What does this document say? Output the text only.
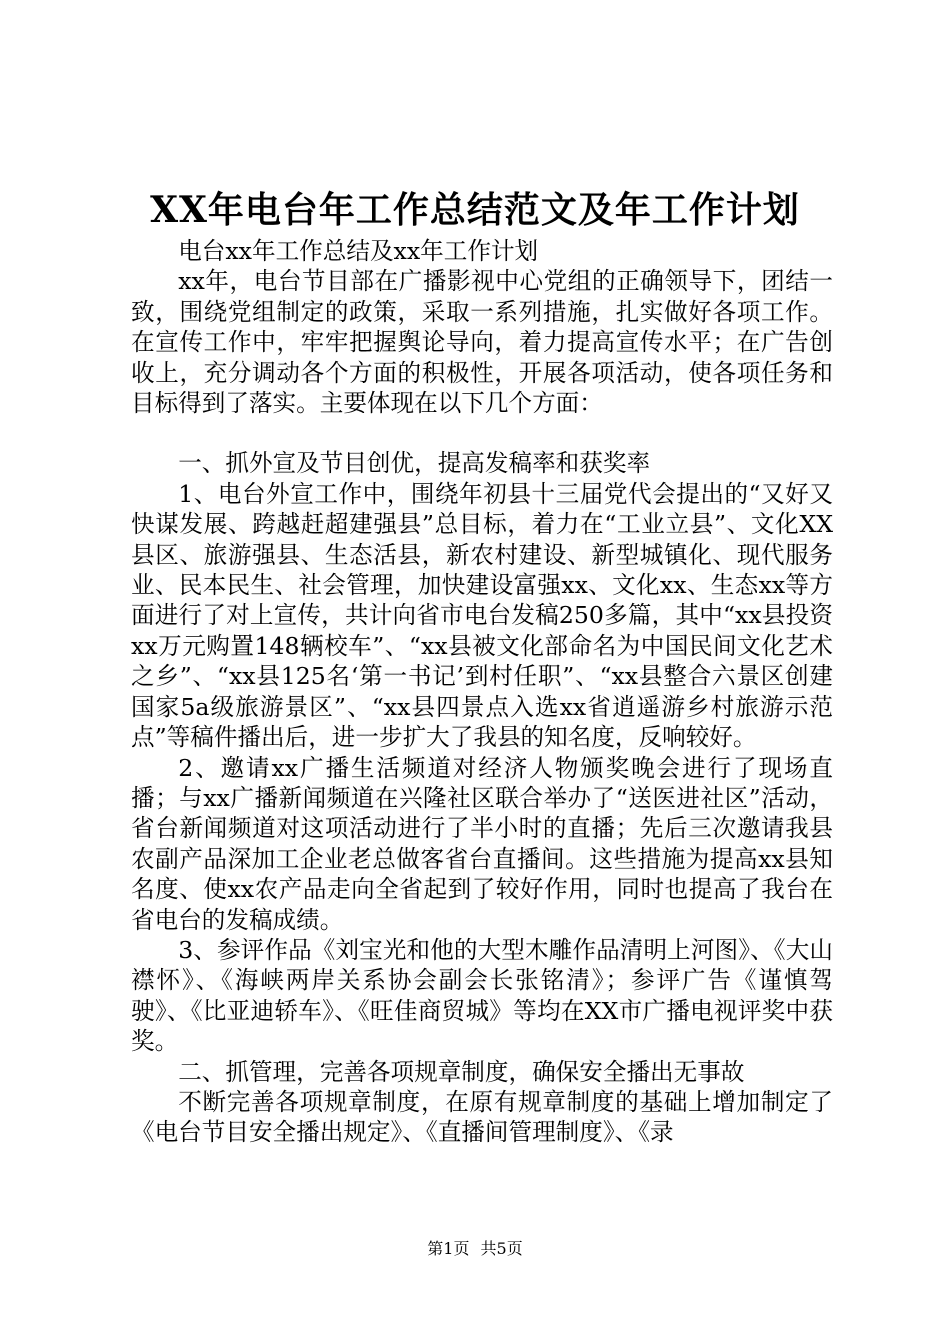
XX年电台年工作总结范文及年工作计划

电台xx年工作总结及xx年工作计划

xx年，电台节目部在广播影视中心党组的正确领导下，团结一致，围绕党组制定的政策，采取一系列措施，扎实做好各项工作。在宣传工作中，牢牢把握舆论导向，着力提高宣传水平；在广告创收上，充分调动各个方面的积极性，开展各项活动，使各项任务和目标得到了落实。主要体现在以下几个方面：

一、抓外宣及节目创优，提高发稿率和获奖率

1、电台外宣工作中，围绕年初县十三届党代会提出的“又好又快谋发展、跨越赶超建强县”总目标，着力在“工业立县”、文化XX县区、旅游强县、生态活县，新农村建设、新型城镇化、现代服务业、民本民生、社会管理，加快建设富强xx、文化xx、生态xx等方面进行了对上宣传，共计向省市电台发稿250多篇，其中“xx县投资xx万元购置148辆校车”、“xx县被文化部命名为中国民间文化艺术之乡”、“xx县125名‘第一书记’到村任职”、“xx县整合六景区创建国家5a级旅游景区”、“xx县四景点入选xx省逍遥游乡村旅游示范点”等稿件播出后，进一步扩大了我县的知名度，反响较好。

2、邀请xx广播生活频道对经济人物颁奖晚会进行了现场直播；与xx广播新闻频道在兴隆社区联合举办了“送医进社区”活动，省台新闻频道对这项活动进行了半小时的直播；先后三次邀请我县农副产品深加工企业老总做客省台直播间。这些措施为提高xx县知名度、使xx农产品走向全省起到了较好作用，同时也提高了我台在省电台的发稿成绩。

3、参评作品《刘宝光和他的大型木雕作品清明上河图》、《大山襟怀》、《海峡两岸关系协会副会长张铭清》；参评广告《谨慎驾驶》、《比亚迪轿车》、《旺佳商贸城》等均在XX市广播电视评奖中获奖。

二、抓管理，完善各项规章制度，确保安全播出无事故

不断完善各项规章制度，在原有规章制度的基础上增加制定了《电台节目安全播出规定》、《直播间管理制度》、《录

第1页 共5页
